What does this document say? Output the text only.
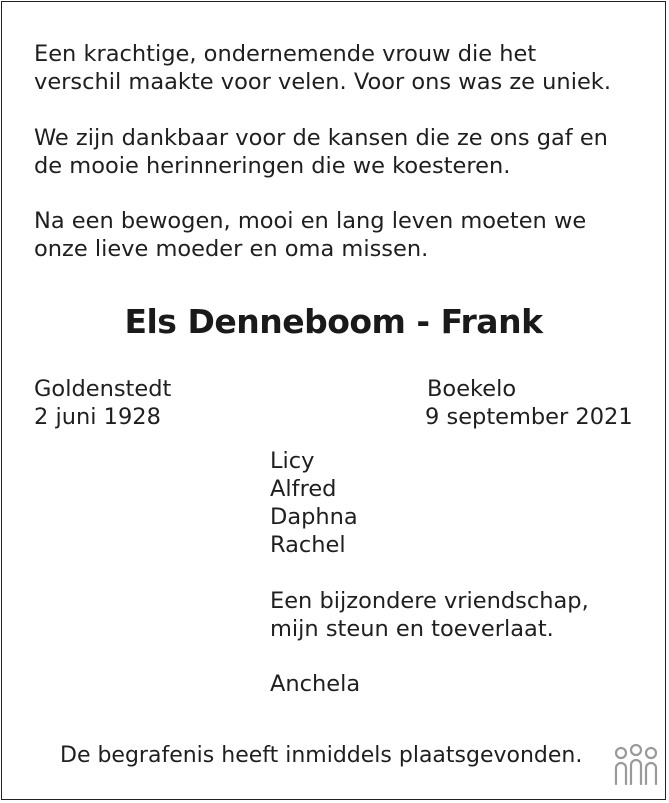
Een krachtige, ondernemende vrouw die het

verschil maakte voor velen. Voor ons was ze uniek.

We zijn dankbaar voor de kansen die ze ons gaf en

de mooie herinneringen die we koesteren.

Na een bewogen, mooi en lang leven moeten we

onze lieve moeder en oma missen.

Els Denneboom - Frank
Goldenstedt
2 juni 1928
Boekelo
9 september 2021
Licy
Alfred
Daphna
Rachel
Een bijzondere vriendschap,
mijn steun en toeverlaat.
Anchela
De begrafenis heeft inmiddels plaatsgevonden.
